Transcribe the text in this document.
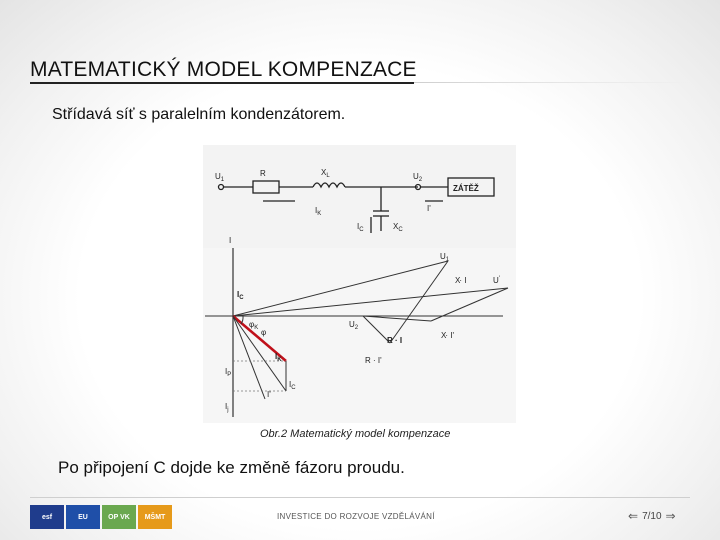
MATEMATICKÝ MODEL KOMPENZACE
Střídavá síť s paralelním kondenzátorem.
$U_1$
R	$X_L$	$U_2$
ZÁTĚŽ
$I_K$
I'
$I_C$	$X_C$
I
$U_1$
X· I	U'
$I_C$
$\varphi_K$ φ
$U_2$
R · I
R · I'
X· I'
$I_K$
$I_P$
$I_C$
I'
$I_j$
Obr.2 Matematický model kompenzace
Po připojení C dojde ke změně fázoru proudu.
esf	EU	OP VK	MŠMT	INVESTICE DO ROZVOJE VZDĚLÁVÁNÍ	⇐ 7/10 ⇒
